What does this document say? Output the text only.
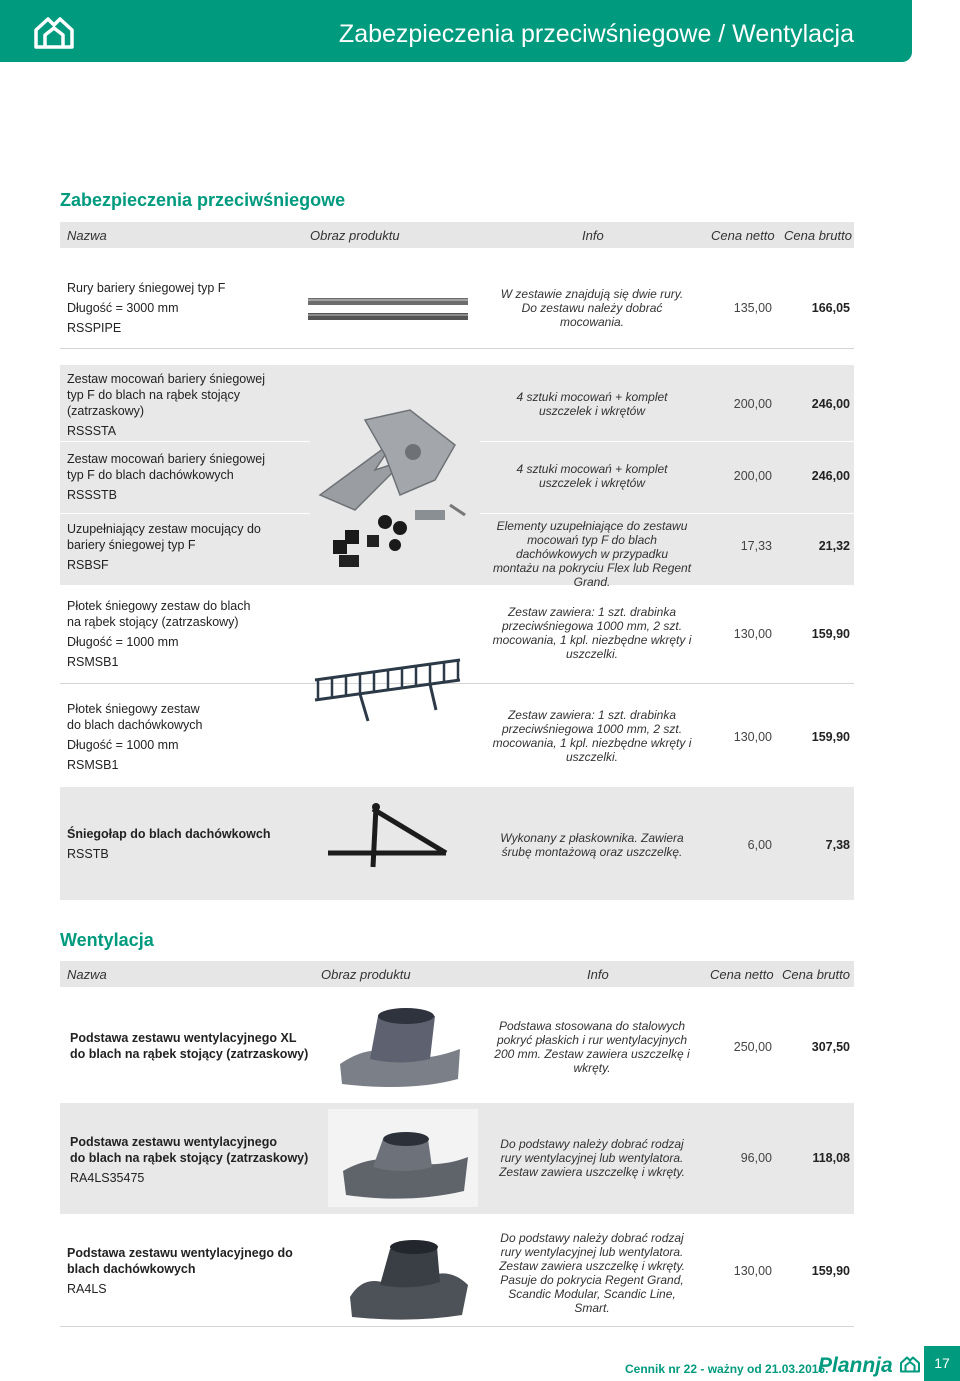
Zabezpieczenia przeciwśniegowe / Wentylacja
Zabezpieczenia przeciwśniegowe
Nazwa	Obraz produktu	Info	Cena netto Cena brutto
Rury bariery śniegowej typ F
Długość = 3000 mm
RSSPIPE
W zestawie znajdują się dwie rury. Do zestawu należy dobrać mocowania.
135,00	166,05
Zestaw mocowań bariery śniegowej
typ F do blach na rąbek stojący
(zatrzaskowy)
RSSSTA
4 sztuki mocowań + komplet uszczelek i wkrętów	200,00	246,00
Zestaw mocowań bariery śniegowej
typ F do blach dachówkowych
RSSSTB
4 sztuki mocowań + komplet uszczelek i wkrętów	200,00	246,00
Uzupełniający zestaw mocujący do
bariery śniegowej typ F
RSBSF
Elementy uzupełniające do zestawu mocowań typ F do blach dachówkowych w przypadku montażu na pokryciu Flex lub Regent Grand.
17,33	21,32
Płotek śniegowy zestaw do blach
na rąbek stojący (zatrzaskowy)
Długość = 1000 mm
RSMSB1
Zestaw zawiera: 1 szt. drabinka przeciwśniegowa 1000 mm, 2 szt. mocowania, 1 kpl. niezbędne wkręty i uszczelki.
130,00	159,90
Płotek śniegowy zestaw
do blach dachówkowych
Długość = 1000 mm
RSMSB1
Zestaw zawiera: 1 szt. drabinka przeciwśniegowa 1000 mm, 2 szt. mocowania, 1 kpl. niezbędne wkręty i uszczelki.
130,00	159,90
Śniegołap do blach dachówkowch
RSSTB
Wykonany z płaskownika. Zawiera śrubę montażową oraz uszczelkę.	6,00	7,38
Wentylacja
Nazwa	Obraz produktu	Info	Cena netto Cena brutto
Podstawa zestawu wentylacyjnego XL
do blach na rąbek stojący (zatrzaskowy)
Podstawa stosowana do stalowych pokryć płaskich i rur wentylacyjnych 200 mm. Zestaw zawiera uszczelkę i wkręty.
250,00	307,50
Podstawa zestawu wentylacyjnego
do blach na rąbek stojący (zatrzaskowy)
RA4LS35475
Do podstawy należy dobrać rodzaj rury wentylacyjnej lub wentylatora. Zestaw zawiera uszczelkę i wkręty.
96,00	118,08
Podstawa zestawu wentylacyjnego do
blach dachówkowych
RA4LS
Do podstawy należy dobrać rodzaj rury wentylacyjnej lub wentylatora. Zestaw zawiera uszczelkę i wkręty. Pasuje do pokrycia Regent Grand, Scandic Modular, Scandic Line, Smart.
130,00	159,90
Cennik nr 22 - ważny od 21.03.2016.
Plannja	17
